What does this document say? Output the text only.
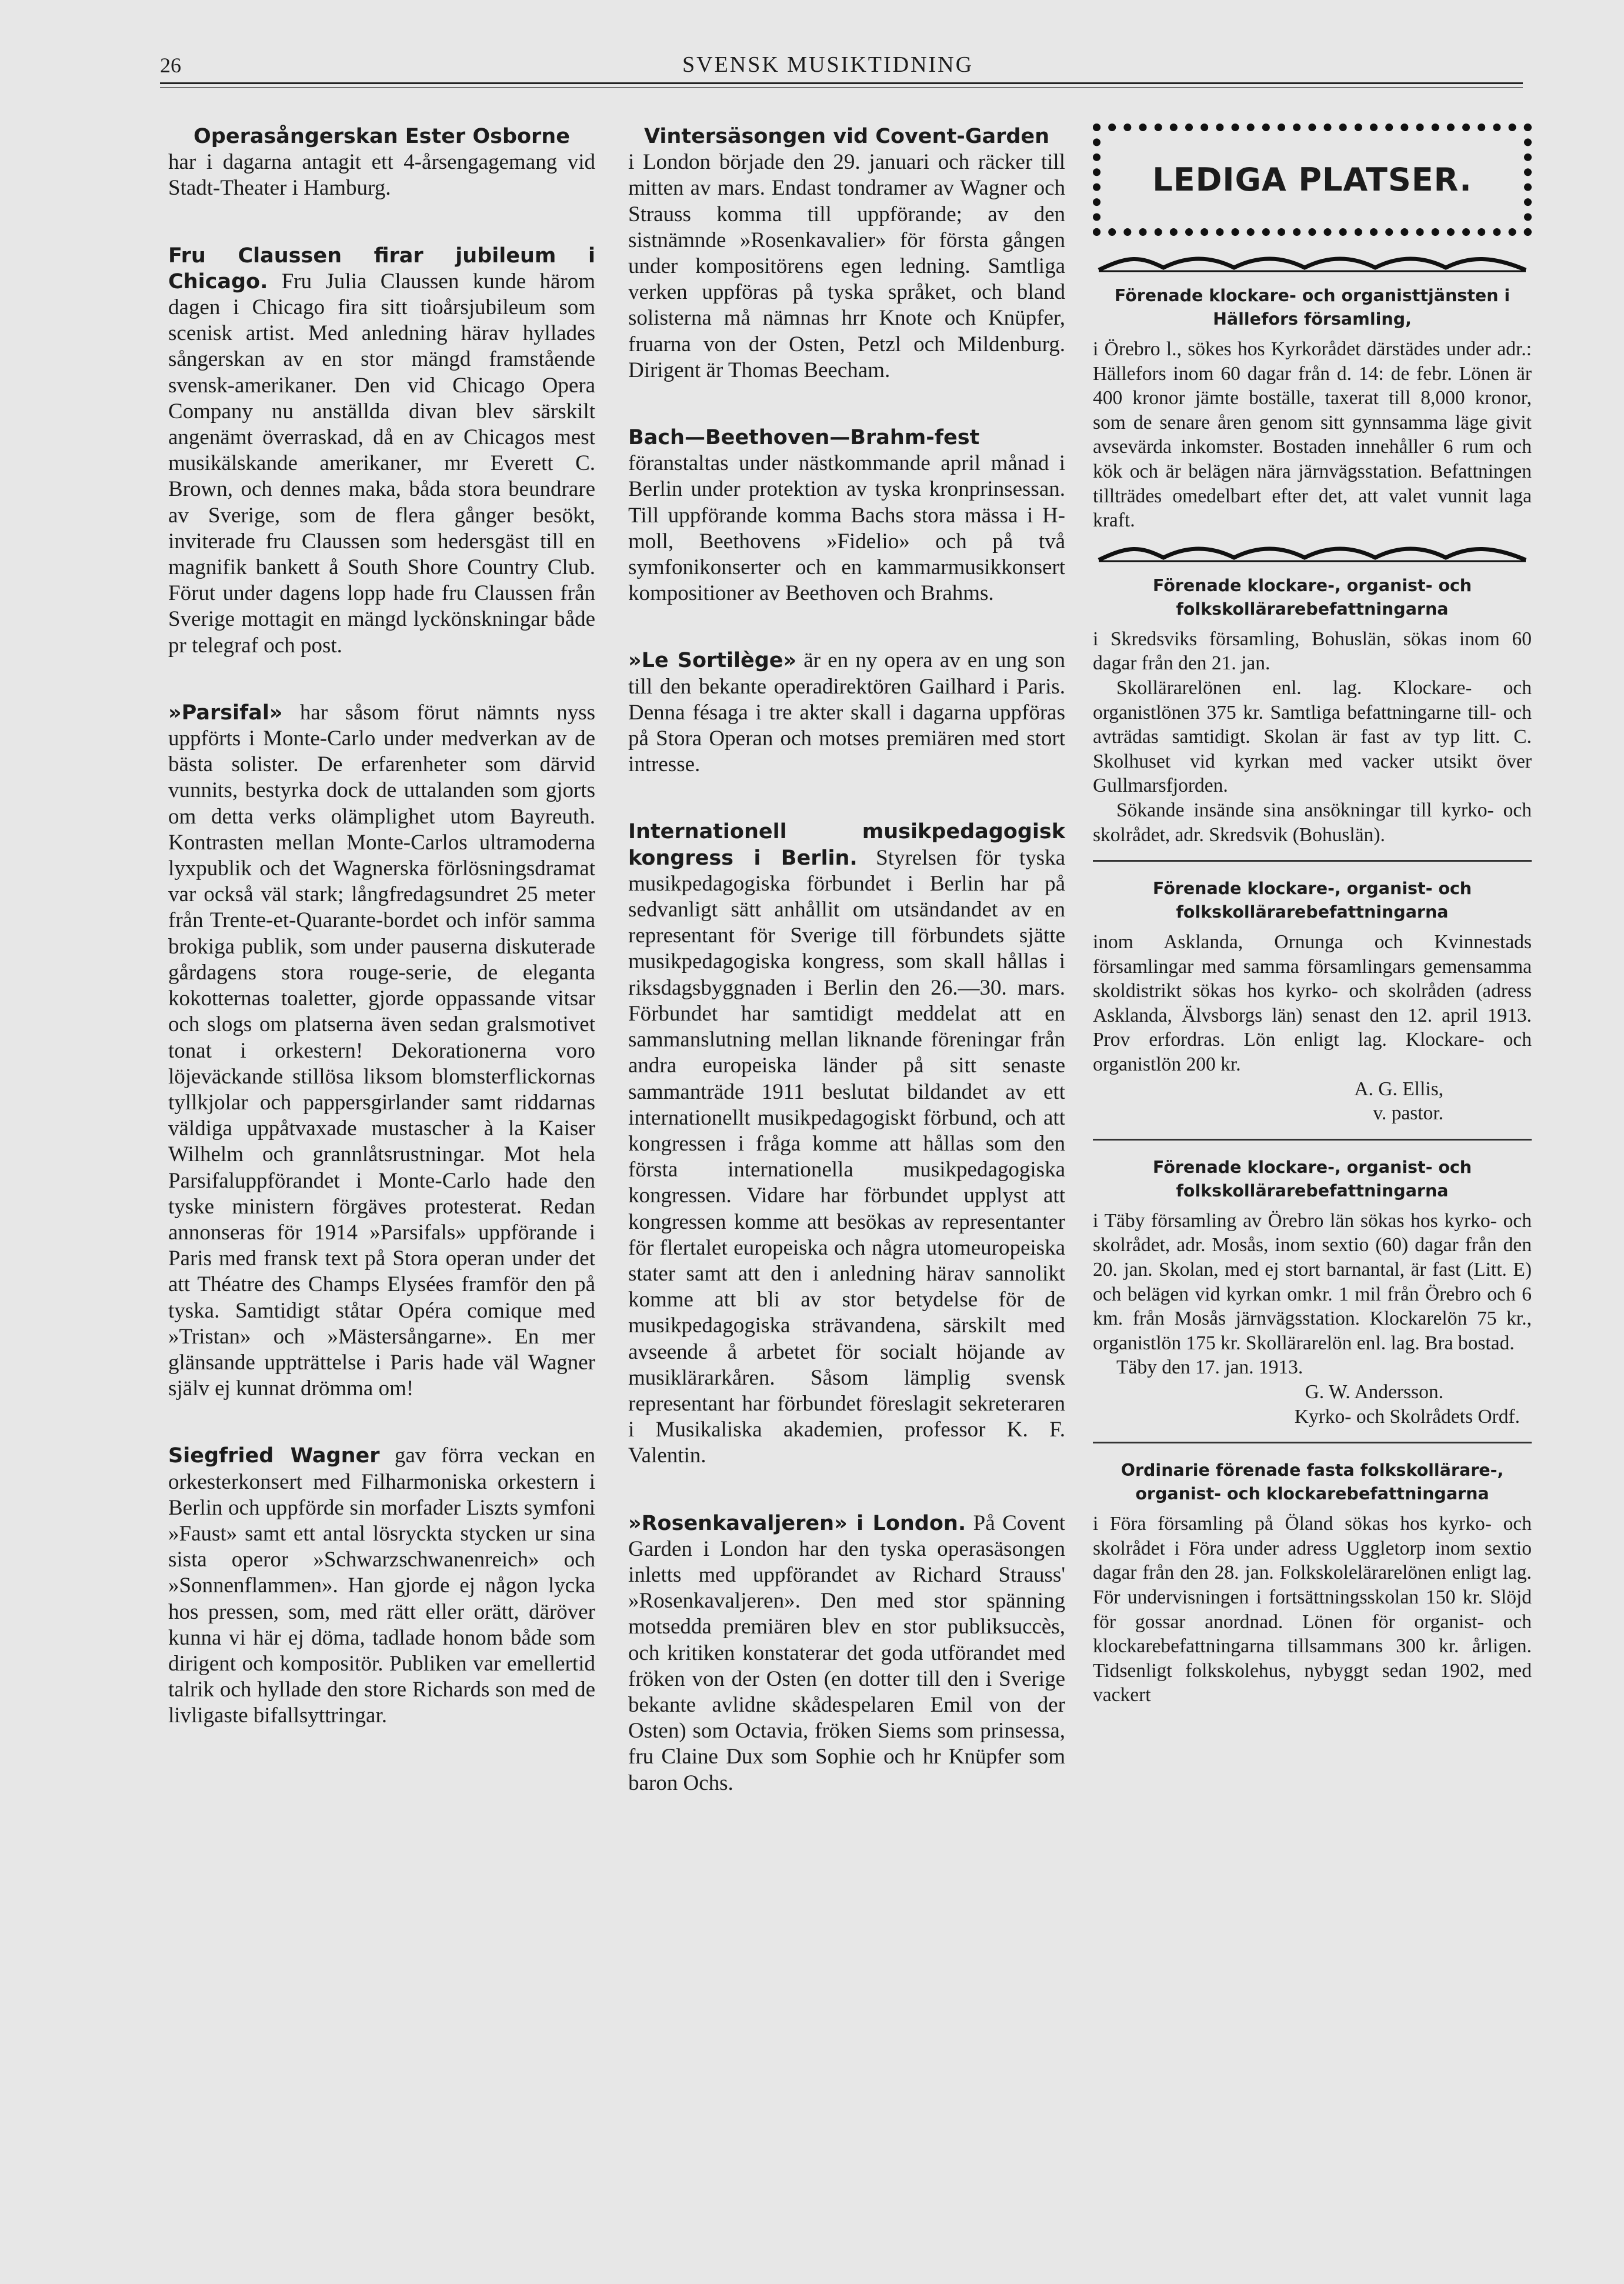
26	SVENSK MUSIKTIDNING

Operasångerskan Ester Osborne
har i dagarna antagit ett 4-årsengagemang vid Stadt-Theater i Hamburg.

Fru Claussen firar jubileum i Chicago. Fru Julia Claussen kunde härom dagen i Chicago fira sitt tioårsjubileum som scenisk artist. Med anledning härav hyllades sångerskan av en stor mängd framstående svensk-amerikaner. Den vid Chicago Opera Company nu anställda divan blev särskilt angenämt överraskad, då en av Chicagos mest musikälskande amerikaner, mr Everett C. Brown, och dennes maka, båda stora beundrare av Sverige, som de flera gånger besökt, inviterade fru Claussen som hedersgäst till en magnifik bankett å South Shore Country Club. Förut under dagens lopp hade fru Claussen från Sverige mottagit en mängd lyckönskningar både pr telegraf och post.

»Parsifal» har såsom förut nämnts nyss uppförts i Monte-Carlo under medverkan av de bästa solister. De erfarenheter som därvid vunnits, bestyrka dock de uttalanden som gjorts om detta verks olämplighet utom Bayreuth. Kontrasten mellan Monte-Carlos ultramoderna lyxpublik och det Wagnerska förlösningsdramat var också väl stark; långfredagsundret 25 meter från Trente-et-Quarante-bordet och inför samma brokiga publik, som under pauserna diskuterade gårdagens stora rouge-serie, de eleganta kokotternas toaletter, gjorde oppassande vitsar och slogs om platserna även sedan gralsmotivet tonat i orkestern! Dekorationerna voro löjeväckande stillösa liksom blomsterflickornas tyllkjolar och pappersgirlander samt riddarnas väldiga uppåtvaxade mustascher à la Kaiser Wilhelm och grannlåtsrustningar. Mot hela Parsifaluppförandet i Monte-Carlo hade den tyske ministern förgäves protesterat. Redan annonseras för 1914 »Parsifals» uppförande i Paris med fransk text på Stora operan under det att Théatre des Champs Elysées framför den på tyska. Samtidigt ståtar Opéra comique med »Tristan» och »Mästersångarne». En mer glänsande uppträttelse i Paris hade väl Wagner själv ej kunnat drömma om!

Siegfried Wagner gav förra veckan en orkesterkonsert med Filharmoniska orkestern i Berlin och uppförde sin morfader Liszts symfoni »Faust» samt ett antal lösryckta stycken ur sina sista operor »Schwarzschwanenreich» och »Sonnenflammen». Han gjorde ej någon lycka hos pressen, som, med rätt eller orätt, däröver kunna vi här ej döma, tadlade honom både som dirigent och kompositör. Publiken var emellertid talrik och hyllade den store Richards son med de livligaste bifallsyttringar.

Vintersäsongen vid Covent-Garden
i London började den 29. januari och räcker till mitten av mars. Endast tondramer av Wagner och Strauss komma till uppförande; av den sistnämnde »Rosenkavalier» för första gången under kompositörens egen ledning. Samtliga verken uppföras på tyska språket, och bland solisterna må nämnas hrr Knote och Knüpfer, fruarna von der Osten, Petzl och Mildenburg. Dirigent är Thomas Beecham.

Bach—Beethoven—Brahm-fest föranstaltas under nästkommande april månad i Berlin under protektion av tyska kronprinsessan. Till uppförande komma Bachs stora mässa i H-moll, Beethovens »Fidelio» och på två symfonikonserter och en kammarmusikkonsert kompositioner av Beethoven och Brahms.

»Le Sortilège» är en ny opera av en ung son till den bekante operadirektören Gailhard i Paris. Denna fésaga i tre akter skall i dagarna uppföras på Stora Operan och motses premiären med stort intresse.

Internationell musikpedagogisk kongress i Berlin. Styrelsen för tyska musikpedagogiska förbundet i Berlin har på sedvanligt sätt anhållit om utsändandet av en representant för Sverige till förbundets sjätte musikpedagogiska kongress, som skall hållas i riksdagsbyggnaden i Berlin den 26.—30. mars. Förbundet har samtidigt meddelat att en sammanslutning mellan liknande föreningar från andra europeiska länder på sitt senaste sammanträde 1911 beslutat bildandet av ett internationellt musikpedagogiskt förbund, och att kongressen i fråga komme att hållas som den första internationella musikpedagogiska kongressen. Vidare har förbundet upplyst att kongressen komme att besökas av representanter för flertalet europeiska och några utomeuropeiska stater samt att den i anledning härav sannolikt komme att bli av stor betydelse för de musikpedagogiska strävandena, särskilt med avseende å arbetet för socialt höjande av musiklärarkåren. Såsom lämplig svensk representant har förbundet föreslagit sekreteraren i Musikaliska akademien, professor K. F. Valentin.

»Rosenkavaljeren» i London. På Covent Garden i London har den tyska operasäsongen inletts med uppförandet av Richard Strauss' »Rosenkavaljeren». Den med stor spänning motsedda premiären blev en stor publiksuccès, och kritiken konstaterar det goda utförandet med fröken von der Osten (en dotter till den i Sverige bekante avlidne skådespelaren Emil von der Osten) som Octavia, fröken Siems som prinsessa, fru Claine Dux som Sophie och hr Knüpfer som baron Ochs.

LEDIGA PLATSER.
Förenade klockare- och organisttjänsten i Hällefors församling,
i Örebro l., sökes hos Kyrkorådet därstädes under adr.: Hällefors inom 60 dagar från d. 14: de febr. Lönen är 400 kronor jämte boställe, taxerat till 8,000 kronor, som de senare åren genom sitt gynnsamma läge givit avsevärda inkomster. Bostaden innehåller 6 rum och kök och är belägen nära järnvägsstation. Befattningen tillträdes omedelbart efter det, att valet vunnit laga kraft.
Förenade klockare-, organist- och folkskollärarebefattningarna
i Skredsviks församling, Bohuslän, sökas inom 60 dagar från den 21. jan.
Skollärarelönen enl. lag. Klockare- och organistlönen 375 kr. Samtliga befattningarne till- och avträdas samtidigt. Skolan är fast av typ litt. C. Skolhuset vid kyrkan med vacker utsikt över Gullmarsfjorden.
Sökande insände sina ansökningar till kyrko- och skolrådet, adr. Skredsvik (Bohuslän).
Förenade klockare-, organist- och folkskollärarebefattningarna
inom Asklanda, Ornunga och Kvinnestads församlingar med samma församlingars gemensamma skoldistrikt sökas hos kyrko- och skolråden (adress Asklanda, Älvsborgs län) senast den 12. april 1913. Prov erfordras. Lön enligt lag. Klockare- och organistlön 200 kr.
A. G. Ellis,
v. pastor.
Förenade klockare-, organist- och folkskollärarebefattningarna
i Täby församling av Örebro län sökas hos kyrko- och skolrådet, adr. Mosås, inom sextio (60) dagar från den 20. jan. Skolan, med ej stort barnantal, är fast (Litt. E) och belägen vid kyrkan omkr. 1 mil från Örebro och 6 km. från Mosås järnvägsstation. Klockarelön 75 kr., organistlön 175 kr. Skollärarelön enl. lag. Bra bostad.
Täby den 17. jan. 1913.
G. W. Andersson.
Kyrko- och Skolrådets Ordf.
Ordinarie förenade fasta folkskollärare-, organist- och klockarebefattningarna
i Föra församling på Öland sökas hos kyrko- och skolrådet i Föra under adress Uggletorp inom sextio dagar från den 28. jan. Folkskolelärarelönen enligt lag. För undervisningen i fortsättningsskolan 150 kr. Slöjd för gossar anordnad. Lönen för organist- och klockarebefattningarna tillsammans 300 kr. årligen. Tidsenligt folkskolehus, nybyggt sedan 1902, med vackert
